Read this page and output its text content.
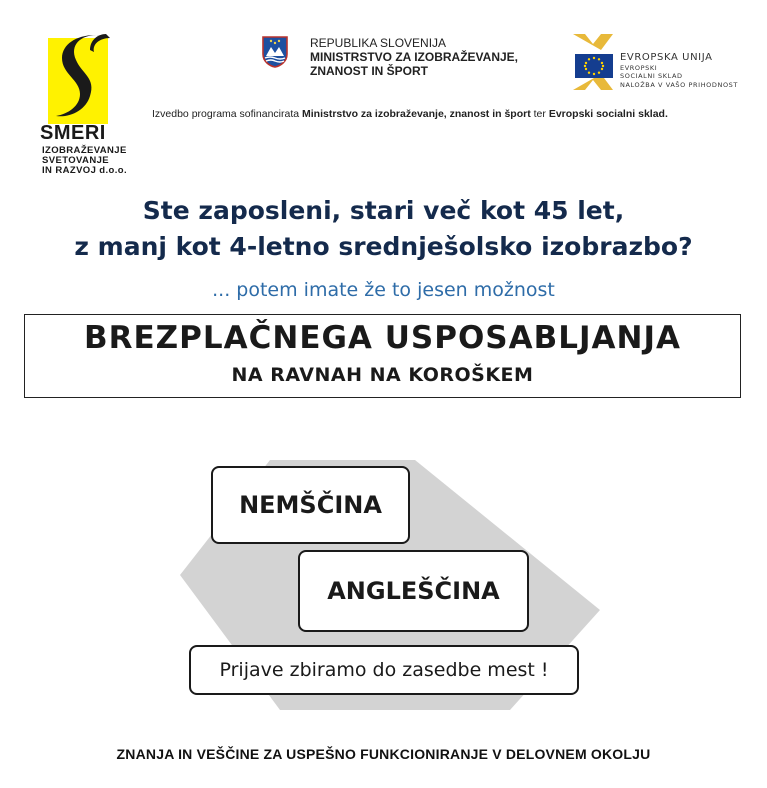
SMERI
IZOBRAŽEVANJE
SVETOVANJE
IN RAZVOJ d.o.o.
REPUBLIKA SLOVENIJA
MINISTRSTVO ZA IZOBRAŽEVANJE,
ZNANOST IN ŠPORT
EVROPSKA UNIJA
EVROPSKI
SOCIALNI SKLAD
NALOŽBA V VAŠO PRIHODNOST
Izvedbo programa sofinancirata Ministrstvo za izobraževanje, znanost in šport ter Evropski socialni sklad.
Ste zaposleni, stari več kot 45 let,
z manj kot 4-letno srednješolsko izobrazbo?
... potem imate že to jesen možnost
BREZPLAČNEGA USPOSABLJANJA
NA RAVNAH NA KOROŠKEM
NEMŠČINA
ANGLEŠČINA
Prijave zbiramo do zasedbe mest !
ZNANJA IN VEŠČINE ZA USPEŠNO FUNKCIONIRANJE V DELOVNEM OKOLJU
